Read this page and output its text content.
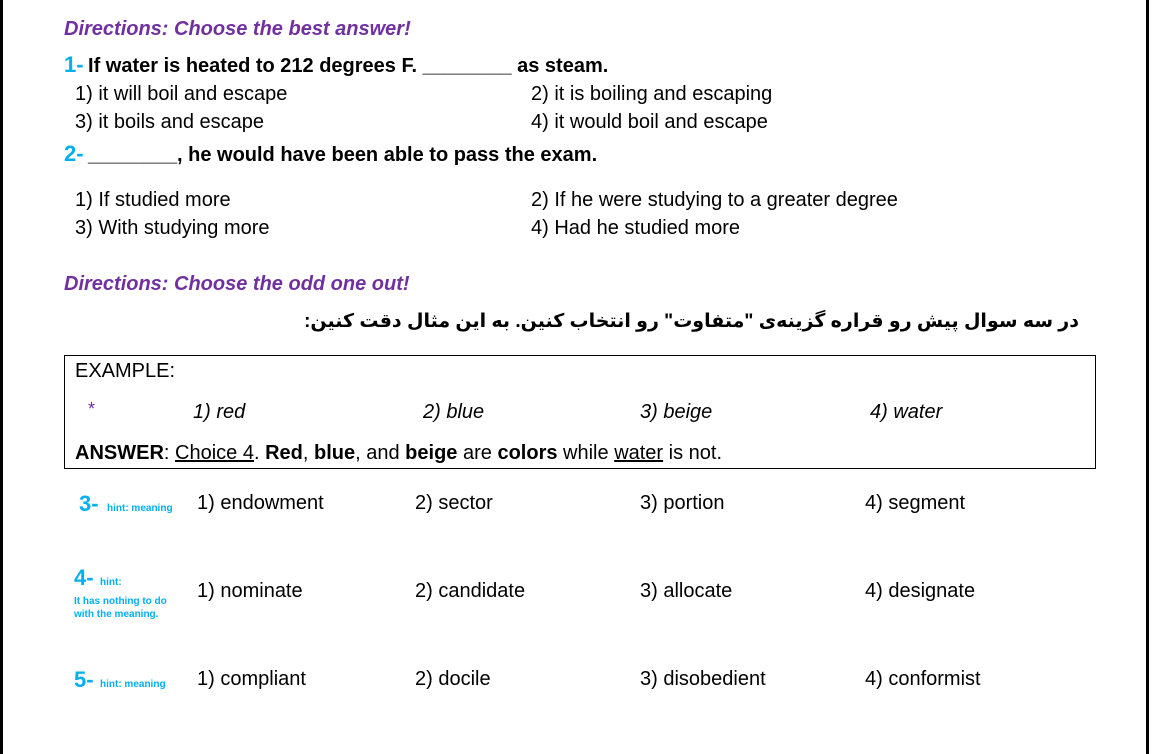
Directions: Choose the best answer!
1- If water is heated to 212 degrees F. ________ as steam.
1) it will boil and escape	2) it is boiling and escaping
3) it boils and escape	4) it would boil and escape
2- ________, he would have been able to pass the exam.
1) If studied more	2) If he were studying to a greater degree
3) With studying more	4) Had he studied more
Directions: Choose the odd one out!
در سه سوال پیش رو قراره گزینه‌ی "متفاوت" رو انتخاب کنین. به این مثال دقت کنین:
EXAMPLE:
*	1) red	2) blue	3) beige	4) water
ANSWER: Choice 4. Red, blue, and beige are colors while water is not.
3- hint: meaning 1) endowment	2) sector	3) portion	4) segment
4- hint:
It has nothing to do
with the meaning.
1) nominate	2) candidate	3) allocate	4) designate
5- hint: meaning 1) compliant	2) docile	3) disobedient	4) conformist
